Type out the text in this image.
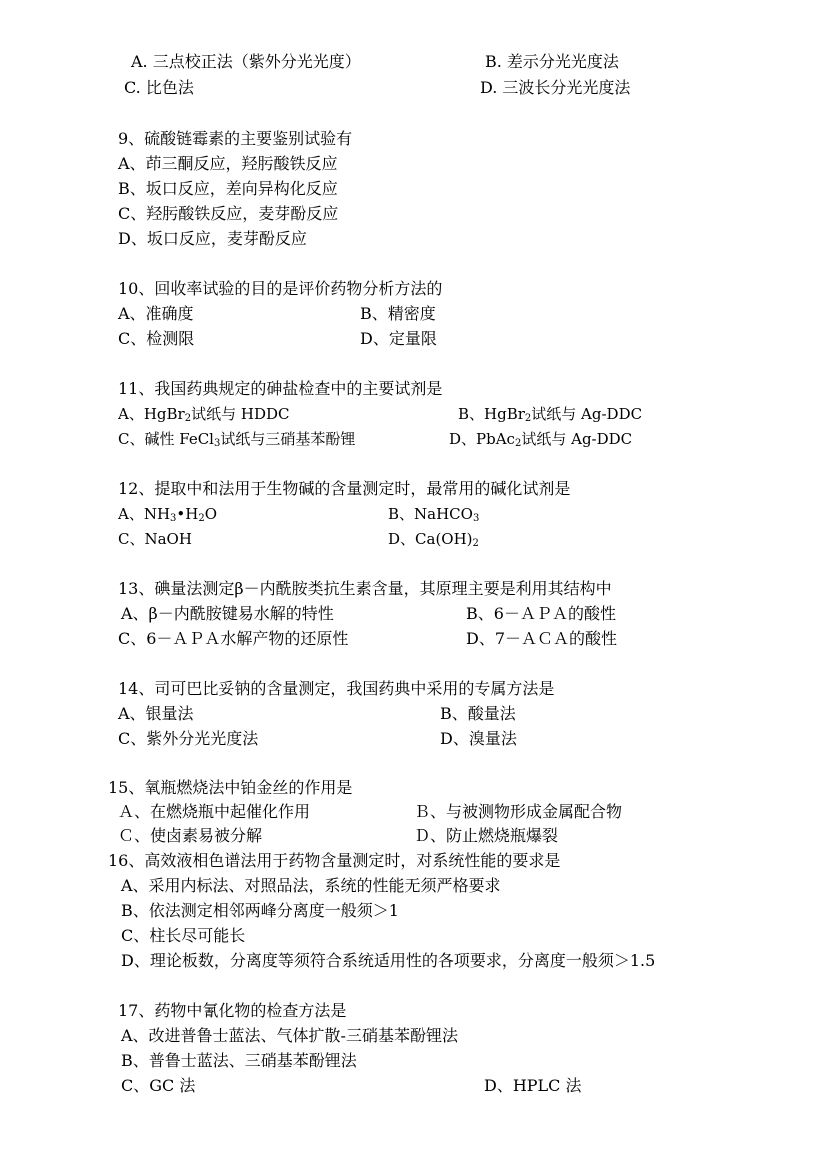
A. 三点校正法（紫外分光光度）	B. 差示分光光度法
C. 比色法	D. 三波长分光光度法
9、硫酸链霉素的主要鉴别试验有
A、茚三酮反应，羟肟酸铁反应
B、坂口反应，差向异构化反应
C、羟肟酸铁反应，麦芽酚反应
D、坂口反应，麦芽酚反应
10、回收率试验的目的是评价药物分析方法的
A、准确度	B、精密度
C、检测限	D、定量限
11、我国药典规定的砷盐检查中的主要试剂是
A、HgBr$_2$试纸与 HDDC	B、HgBr$_2$试纸与 Ag-DDC
C、碱性 FeCl$_3$试纸与三硝基苯酚锂	D、PbAc$_2$试纸与 Ag-DDC
12、提取中和法用于生物碱的含量测定时，最常用的碱化试剂是
A、$NH_3•H_2O$	B、NaHCO$_3$
C、NaOH	D、$Ca(OH)_2$
13、碘量法测定β－内酰胺类抗生素含量，其原理主要是利用其结构中
A、β－内酰胺键易水解的特性	B、6－ＡＰＡ的酸性
C、6－ＡＰＡ水解产物的还原性	D、7－ＡＣＡ的酸性
14、司可巴比妥钠的含量测定，我国药典中采用的专属方法是
A、银量法	B、酸量法
C、紫外分光光度法	D、溴量法
15、氧瓶燃烧法中铂金丝的作用是
Ａ、在燃烧瓶中起催化作用	Ｂ、与被测物形成金属配合物
Ｃ、使卤素易被分解	Ｄ、防止燃烧瓶爆裂
16、高效液相色谱法用于药物含量测定时，对系统性能的要求是
A、采用内标法、对照品法，系统的性能无须严格要求
B、依法测定相邻两峰分离度一般须＞1
C、柱长尽可能长
D、理论板数，分离度等须符合系统适用性的各项要求，分离度一般须＞1.5
17、药物中氰化物的检查方法是
A、改进普鲁士蓝法、气体扩散-三硝基苯酚锂法
B、普鲁士蓝法、三硝基苯酚锂法
C、GC 法	D、HPLC 法
